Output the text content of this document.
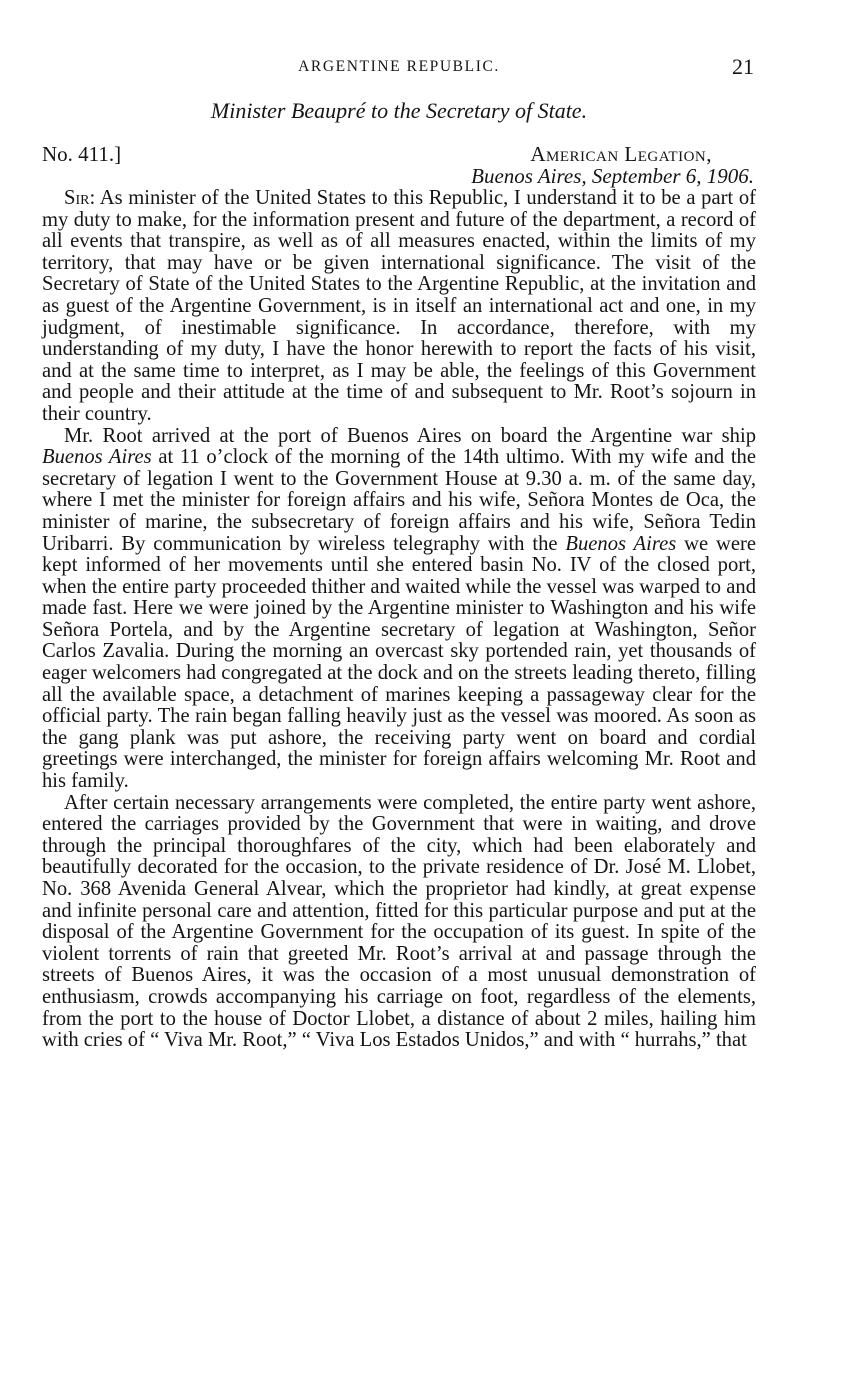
ARGENTINE REPUBLIC.	21
Minister Beaupré to the Secretary of State.
No. 411.]	American Legation,
Buenos Aires, September 6, 1906.

Sir: As minister of the United States to this Republic, I understand it to be a part of my duty to make, for the information present and future of the department, a record of all events that transpire, as well as of all measures enacted, within the limits of my territory, that may have or be given international significance. The visit of the Secretary of State of the United States to the Argentine Republic, at the invitation and as guest of the Argentine Government, is in itself an international act and one, in my judgment, of inestimable significance. In accordance, therefore, with my understanding of my duty, I have the honor herewith to report the facts of his visit, and at the same time to interpret, as I may be able, the feelings of this Government and people and their attitude at the time of and subsequent to Mr. Root’s sojourn in their country.

Mr. Root arrived at the port of Buenos Aires on board the Argentine war ship Buenos Aires at 11 o’clock of the morning of the 14th ultimo. With my wife and the secretary of legation I went to the Government House at 9.30 a. m. of the same day, where I met the minister for foreign affairs and his wife, Señora Montes de Oca, the minister of marine, the subsecretary of foreign affairs and his wife, Señora Tedin Uribarri. By communication by wireless telegraphy with the Buenos Aires we were kept informed of her movements until she entered basin No. IV of the closed port, when the entire party proceeded thither and waited while the vessel was warped to and made fast. Here we were joined by the Argentine minister to Washington and his wife Señora Portela, and by the Argentine secretary of legation at Washington, Señor Carlos Zavalia. During the morning an overcast sky portended rain, yet thousands of eager welcomers had congregated at the dock and on the streets leading thereto, filling all the available space, a detachment of marines keeping a passageway clear for the official party. The rain began falling heavily just as the vessel was moored. As soon as the gang plank was put ashore, the receiving party went on board and cordial greetings were interchanged, the minister for foreign affairs welcoming Mr. Root and his family.

After certain necessary arrangements were completed, the entire party went ashore, entered the carriages provided by the Government that were in waiting, and drove through the principal thoroughfares of the city, which had been elaborately and beautifully decorated for the occasion, to the private residence of Dr. José M. Llobet, No. 368 Avenida General Alvear, which the proprietor had kindly, at great expense and infinite personal care and attention, fitted for this particular purpose and put at the disposal of the Argentine Government for the occupation of its guest. In spite of the violent torrents of rain that greeted Mr. Root’s arrival at and passage through the streets of Buenos Aires, it was the occasion of a most unusual demonstration of enthusiasm, crowds accompanying his carriage on foot, regardless of the elements, from the port to the house of Doctor Llobet, a distance of about 2 miles, hailing him with cries of “ Viva Mr. Root,” “ Viva Los Estados Unidos,” and with “ hurrahs,” that
